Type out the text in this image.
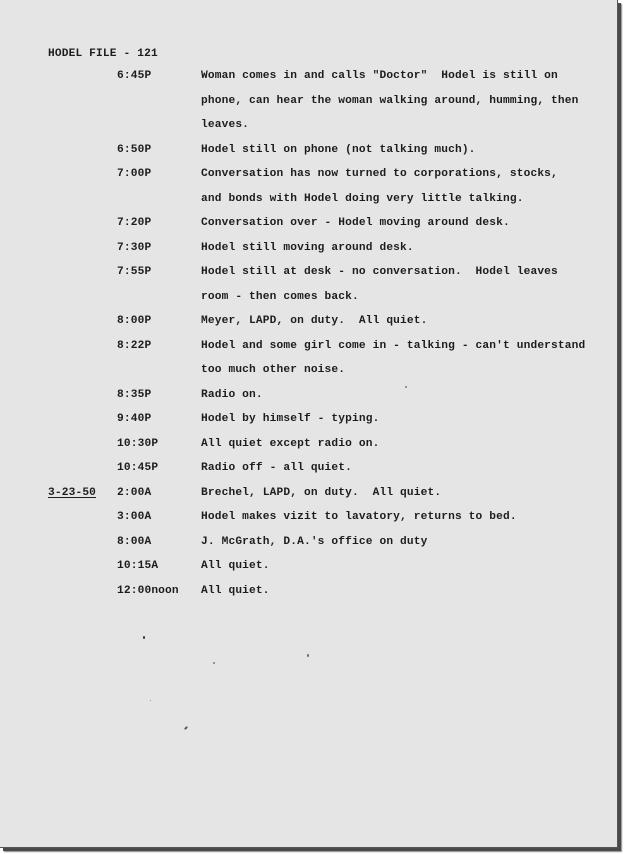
HODEL FILE - 121
6:45P	Woman comes in and calls "Doctor"  Hodel is still on
phone, can hear the woman walking around, humming, then
leaves.
6:50P	Hodel still on phone (not talking much).
7:00P	Conversation has now turned to corporations, stocks,
and bonds with Hodel doing very little talking.
7:20P	Conversation over - Hodel moving around desk.
7:30P	Hodel still moving around desk.
7:55P	Hodel still at desk - no conversation.  Hodel leaves
room - then comes back.
8:00P	Meyer, LAPD, on duty.  All quiet.
8:22P	Hodel and some girl come in - talking - can't understand
too much other noise.
8:35P	Radio on.
9:40P	Hodel by himself - typing.
10:30P	All quiet except radio on.
10:45P	Radio off - all quiet.
3-23-50 2:00A	Brechel, LAPD, on duty.  All quiet.
3:00A	Hodel makes vizit to lavatory, returns to bed.
8:00A	J. McGrath, D.A.'s office on duty
10:15A	All quiet.
12:00noon All quiet.
